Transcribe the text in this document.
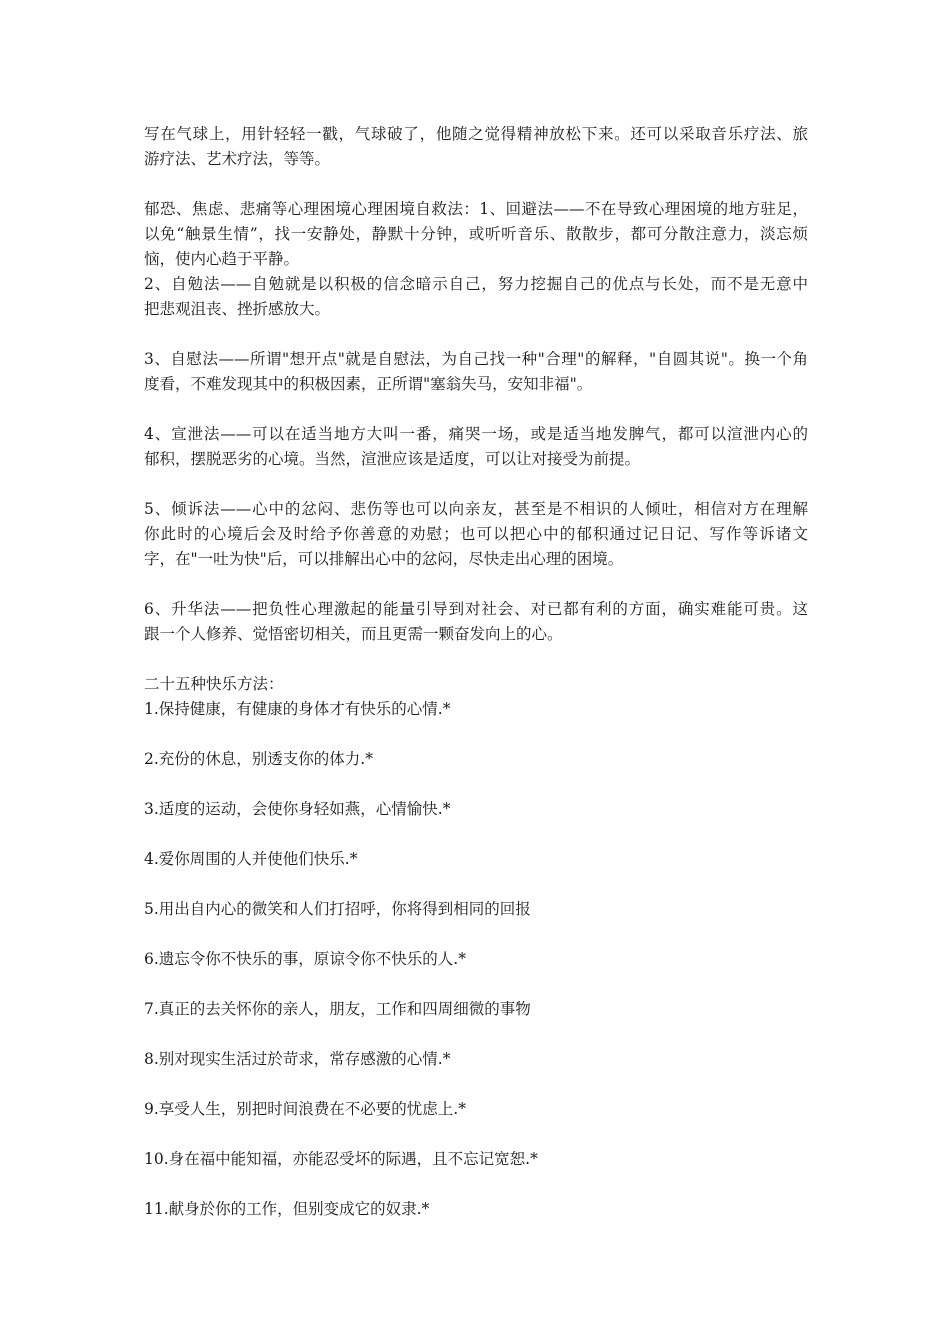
写在气球上，用针轻轻一戳，气球破了，他随之觉得精神放松下来。还可以采取音乐疗法、旅
游疗法、艺术疗法，等等。
郁恐、焦虑、悲痛等心理困境心理困境自救法：1、回避法——不在导致心理困境的地方驻足，
以免“触景生情”，找一安静处，静默十分钟，或听听音乐、散散步，都可分散注意力，淡忘烦
恼，使内心趋于平静。
2、自勉法——自勉就是以积极的信念暗示自己，努力挖掘自己的优点与长处，而不是无意中
把悲观沮丧、挫折感放大。
3、自慰法——所谓"想开点"就是自慰法，为自己找一种"合理"的解释，"自圆其说"。换一个角
度看，不难发现其中的积极因素，正所谓"塞翁失马，安知非福"。
4、宣泄法——可以在适当地方大叫一番，痛哭一场，或是适当地发脾气，都可以渲泄内心的
郁积，摆脱恶劣的心境。当然，渲泄应该是适度，可以让对接受为前提。
5、倾诉法——心中的忿闷、悲伤等也可以向亲友，甚至是不相识的人倾吐，相信对方在理解
你此时的心境后会及时给予你善意的劝慰；也可以把心中的郁积通过记日记、写作等诉诸文
字，在"一吐为快"后，可以排解出心中的忿闷，尽快走出心理的困境。
6、升华法——把负性心理激起的能量引导到对社会、对已都有利的方面，确实难能可贵。这
跟一个人修养、觉悟密切相关，而且更需一颗奋发向上的心。
二十五种快乐方法：
1.保持健康，有健康的身体才有快乐的心情.*
2.充份的休息，别透支你的体力.*
3.适度的运动，会使你身轻如燕，心情愉快.*
4.爱你周围的人并使他们快乐.*
5.用出自内心的微笑和人们打招呼，你将得到相同的回报
6.遗忘令你不快乐的事，原谅令你不快乐的人.*
7.真正的去关怀你的亲人，朋友，工作和四周细微的事物
8.别对现实生活过於苛求，常存感激的心情.*
9.享受人生，别把时间浪费在不必要的忧虑上.*
10.身在福中能知福，亦能忍受坏的际遇，且不忘记宽恕.*
11.献身於你的工作，但别变成它的奴隶.*
